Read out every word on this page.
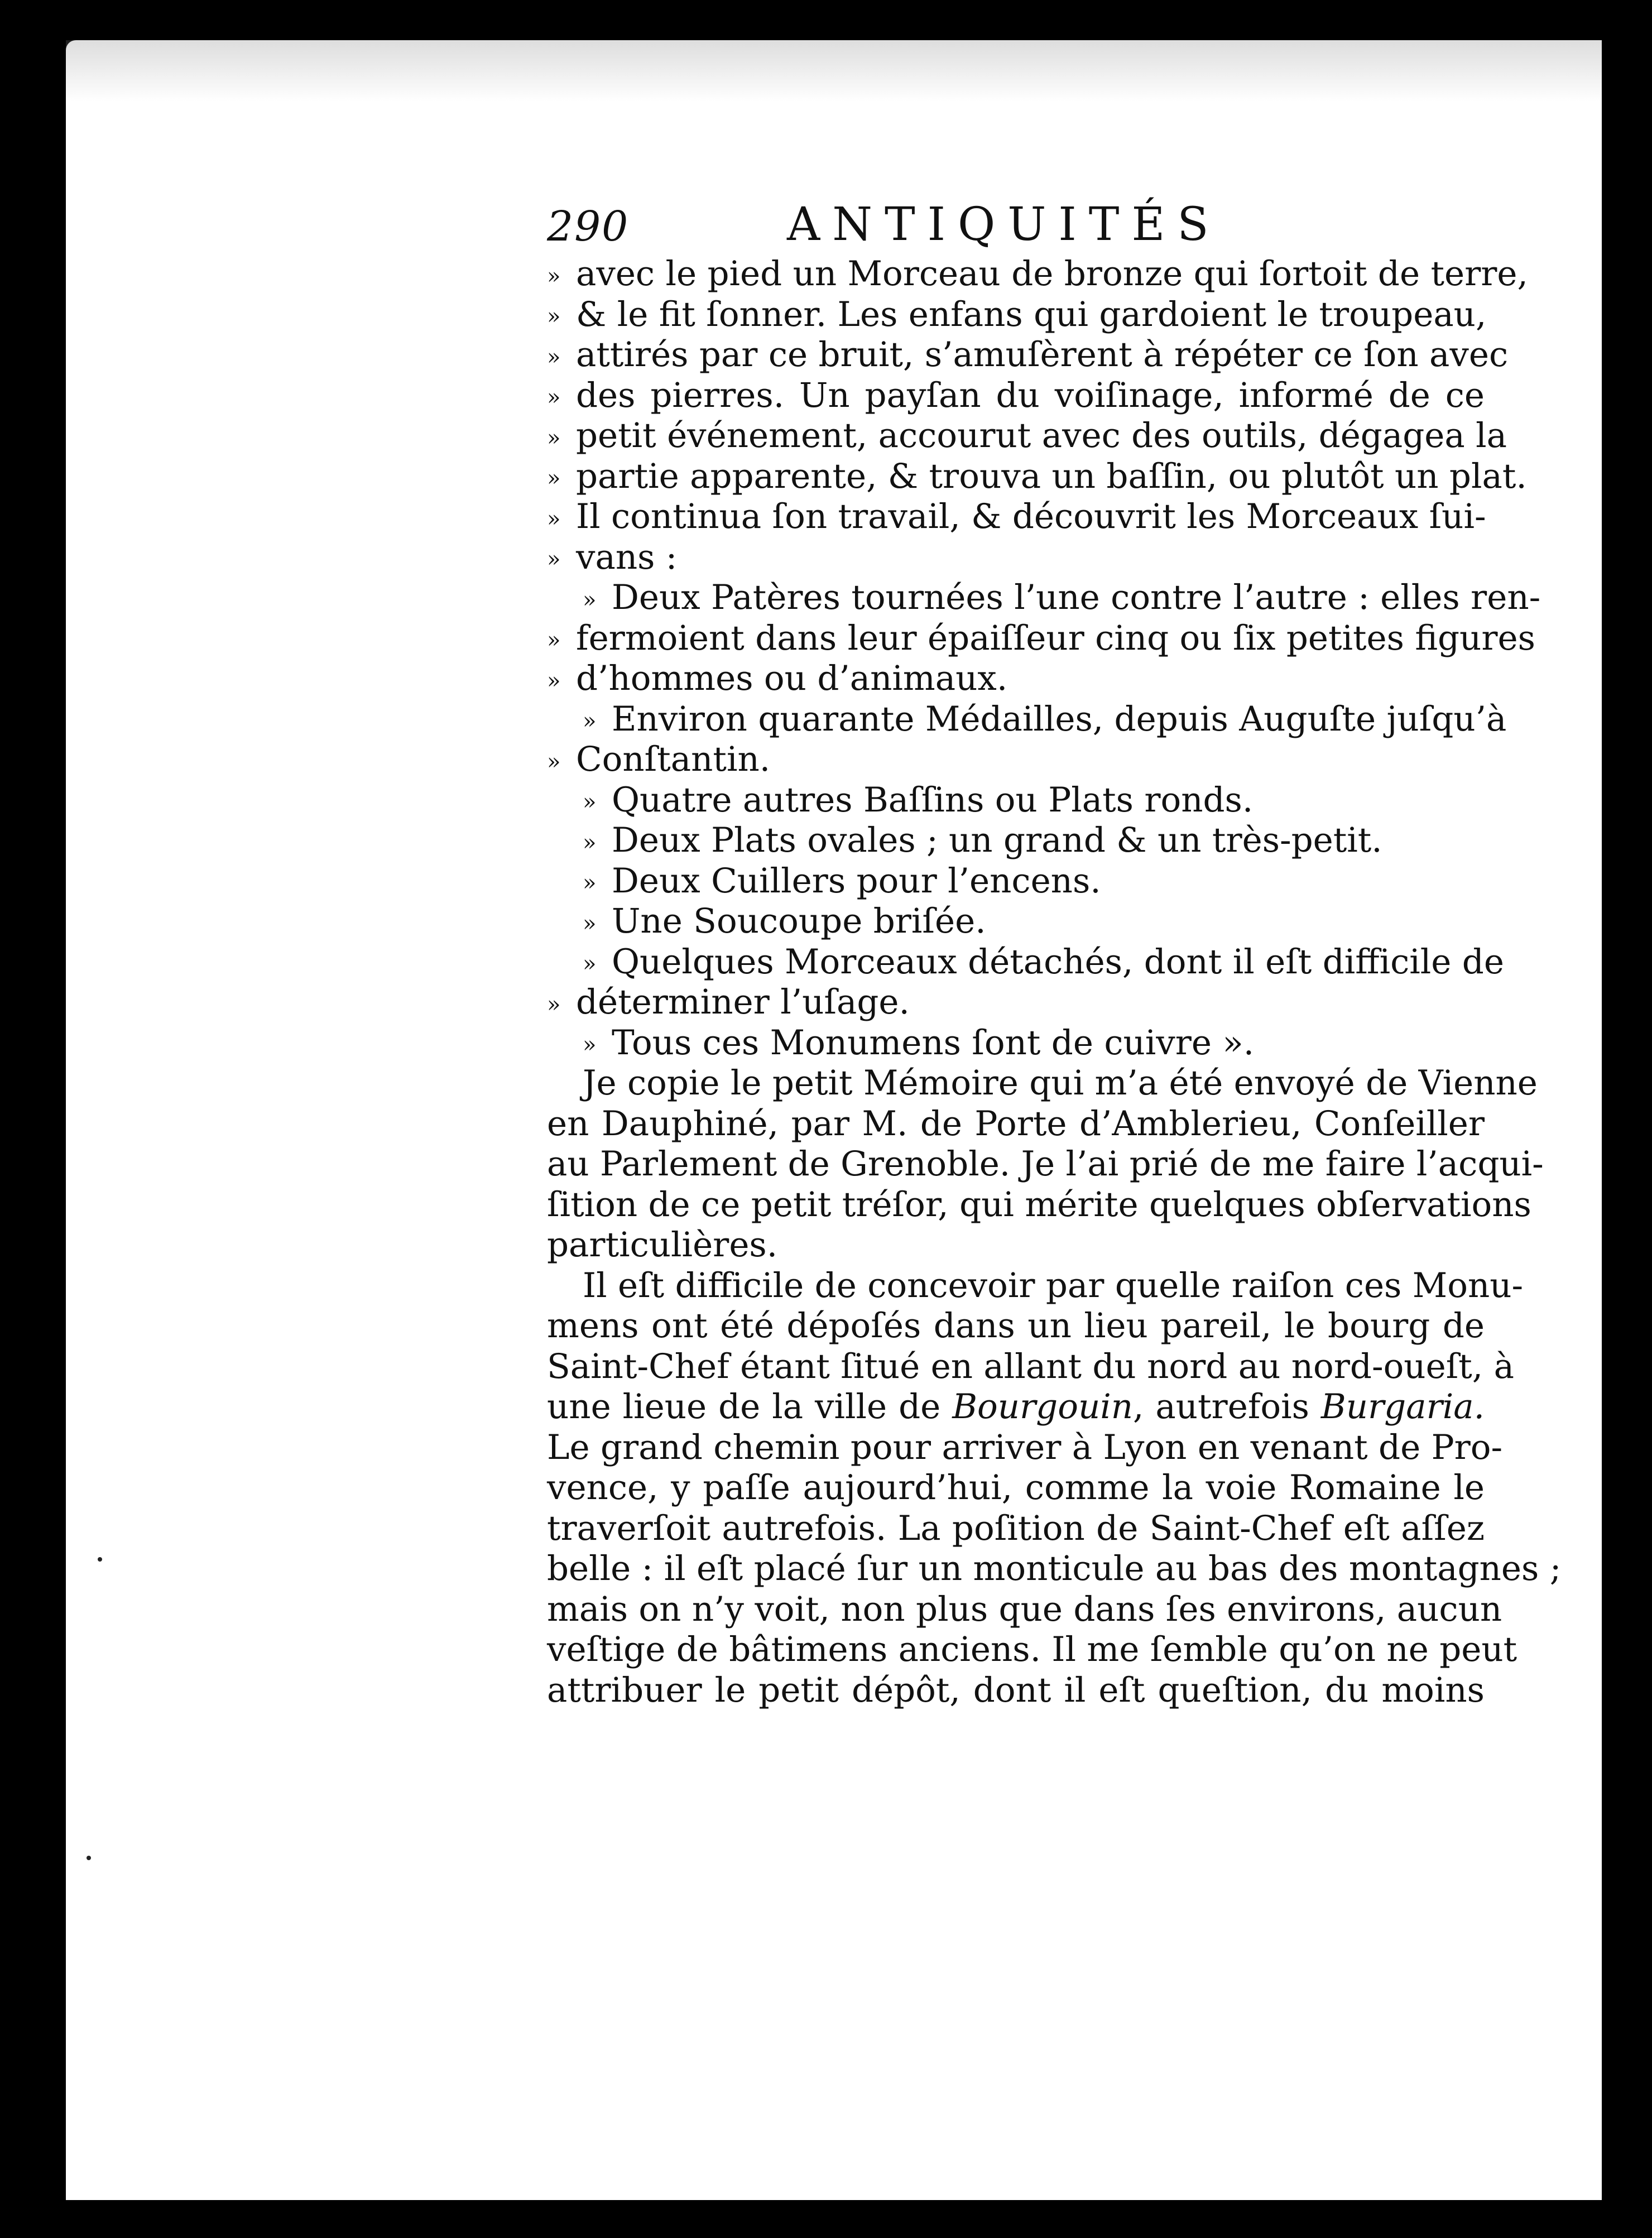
290	ANTIQUITÉS
» avec le pied un Morceau de bronze qui ſortoit de terre,
» & le fit ſonner. Les enfans qui gardoient le troupeau,
» attirés par ce bruit, s’amuſèrent à répéter ce ſon avec
» des pierres. Un payſan du voiſinage, informé de ce
» petit événement, accourut avec des outils, dégagea la
» partie apparente, & trouva un baſſin, ou plutôt un plat.
» Il continua ſon travail, & découvrit les Morceaux ſui-
» vans :
» Deux Patères tournées l’une contre l’autre : elles ren-
» fermoient dans leur épaiſſeur cinq ou ſix petites figures
» d’hommes ou d’animaux.
» Environ quarante Médailles, depuis Auguſte juſqu’à
» Conſtantin.
» Quatre autres Baſſins ou Plats ronds.
» Deux Plats ovales ; un grand & un très-petit.
» Deux Cuillers pour l’encens.
» Une Soucoupe briſée.
» Quelques Morceaux détachés, dont il eſt difficile de
» déterminer l’uſage.
» Tous ces Monumens ſont de cuivre ».
Je copie le petit Mémoire qui m’a été envoyé de Vienne
en Dauphiné, par M. de Porte d’Amblerieu, Conſeiller
au Parlement de Grenoble. Je l’ai prié de me faire l’acqui-
ſition de ce petit tréſor, qui mérite quelques obſervations
particulières.
Il eſt difficile de concevoir par quelle raiſon ces Monu-
mens ont été dépoſés dans un lieu pareil, le bourg de
Saint-Chef étant ſitué en allant du nord au nord-oueſt, à
une lieue de la ville de Bourgouin, autrefois Burgaria.
Le grand chemin pour arriver à Lyon en venant de Pro-
vence, y paſſe aujourd’hui, comme la voie Romaine le
traverſoit autrefois. La poſition de Saint-Chef eſt aſſez
belle : il eſt placé ſur un monticule au bas des montagnes ;
mais on n’y voit, non plus que dans ſes environs, aucun
veſtige de bâtimens anciens. Il me ſemble qu’on ne peut
attribuer le petit dépôt, dont il eſt queſtion, du moins
